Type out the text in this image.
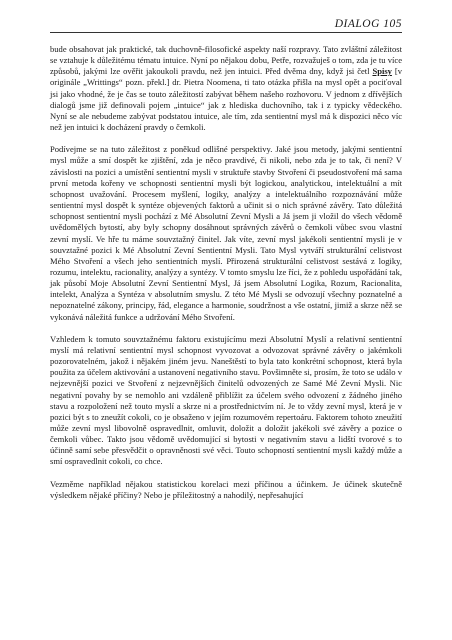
DIALOG 105

bude obsahovat jak praktické, tak duchovně-filosofické aspekty naší rozpravy. Tato zvláštní záležitost se vztahuje k důležitému tématu intuice. Nyní po nějakou dobu, Petře, rozvažuješ o tom, zda je tu více způsobů, jakými lze ověřit jakoukoli pravdu, než jen intuici. Před dvěma dny, když jsi četl Spisy [v originále „Writtings“ pozn. překl.] dr. Pietra Noomena, ti tato otázka přišla na mysl opět a pociťoval jsi jako vhodné, že je čas se touto záležitostí zabývat během našeho rozhovoru. V jednom z dřívějších dialogů jsme již definovali pojem „intuice“ jak z hlediska duchovního, tak i z typicky vědeckého. Nyní se ale nebudeme zabývat podstatou intuice, ale tím, zda sentientní mysl má k dispozici něco víc než jen intuici k docházení pravdy o čemkoli.

Podívejme se na tuto záležitost z poněkud odlišné perspektivy. Jaké jsou metody, jakými sentientní mysl může a smí dospět ke zjištění, zda je něco pravdivé, či nikoli, nebo zda je to tak, či není? V závislosti na pozici a umístění sentientní mysli v struktuře stavby Stvoření či pseudostvoření má sama první metoda kořeny ve schopnosti sentientní mysli být logickou, analytickou, intelektuální a mít schopnost uvažování. Procesem myšlení, logiky, analýzy a intelektuálního rozpoznávání může sentientní mysl dospět k syntéze objevených faktorů a učinit si o nich správné závěry. Tato důležitá schopnost sentientní mysli pochází z Mé Absolutní Zevní Mysli a Já jsem ji vložil do všech vědomě uvědomělých bytostí, aby byly schopny dosáhnout správných závěrů o čemkoli vůbec svou vlastní zevní myslí. Ve hře tu máme souvztažný činitel. Jak víte, zevní mysl jakékoli sentientní mysli je v souvztažné pozici k Mé Absolutní Zevní Sentientní Mysli. Tato Mysl vytváří strukturální celistvost Mého Stvoření a všech jeho sentientních myslí. Přirozená strukturální celistvost sestává z logiky, rozumu, intelektu, racionality, analýzy a syntézy. V tomto smyslu lze říci, že z pohledu uspořádání tak, jak působí Moje Absolutní Zevní Sentientní Mysl, Já jsem Absolutní Logika, Rozum, Racionalita, intelekt, Analýza a Syntéza v absolutním smyslu. Z této Mé Mysli se odvozují všechny poznatelné a nepoznatelné zákony, principy, řád, elegance a harmonie, soudržnost a vše ostatní, jimiž a skrze něž se vykonává náležitá funkce a udržování Mého Stvoření.

Vzhledem k tomuto souvztažnému faktoru existujícímu mezi Absolutní Myslí a relativní sentientní myslí má relativní sentientní mysl schopnost vyvozovat a odvozovat správné závěry o jakémkoli pozorovatelném, jakož i nějakém jiném jevu. Naneštěstí to byla tato konkrétní schopnost, která byla použita za účelem aktivování a ustanovení negativního stavu. Povšimněte si, prosím, že toto se událo v nejzevnější pozici ve Stvoření z nejzevnějších činitelů odvozených ze Samé Mé Zevní Mysli. Nic negativní povahy by se nemohlo ani vzdáleně přiblížit za účelem svého odvození z žádného jiného stavu a rozpoložení než touto myslí a skrze ni a prostřednictvím ní. Je to vždy zevní mysl, která je v pozici být s to zneužít cokoli, co je obsaženo v jejím rozumovém repertoáru. Faktorem tohoto zneužití může zevní mysl libovolně ospravedlnit, omluvit, doložit a doložit jakékoli své závěry a pozice o čemkoli vůbec. Takto jsou vědomě uvědomující si bytosti v negativním stavu a lidští tvorové s to účinně samí sebe přesvědčit o opravněnosti své věci. Touto schopností sentientní mysli každý může a smí ospravedlnit cokoli, co chce.

Vezměme například nějakou statistickou korelaci mezi příčinou a účinkem. Je účinek skutečně výsledkem nějaké příčiny? Nebo je příležitostný a nahodilý, nepřesahující
